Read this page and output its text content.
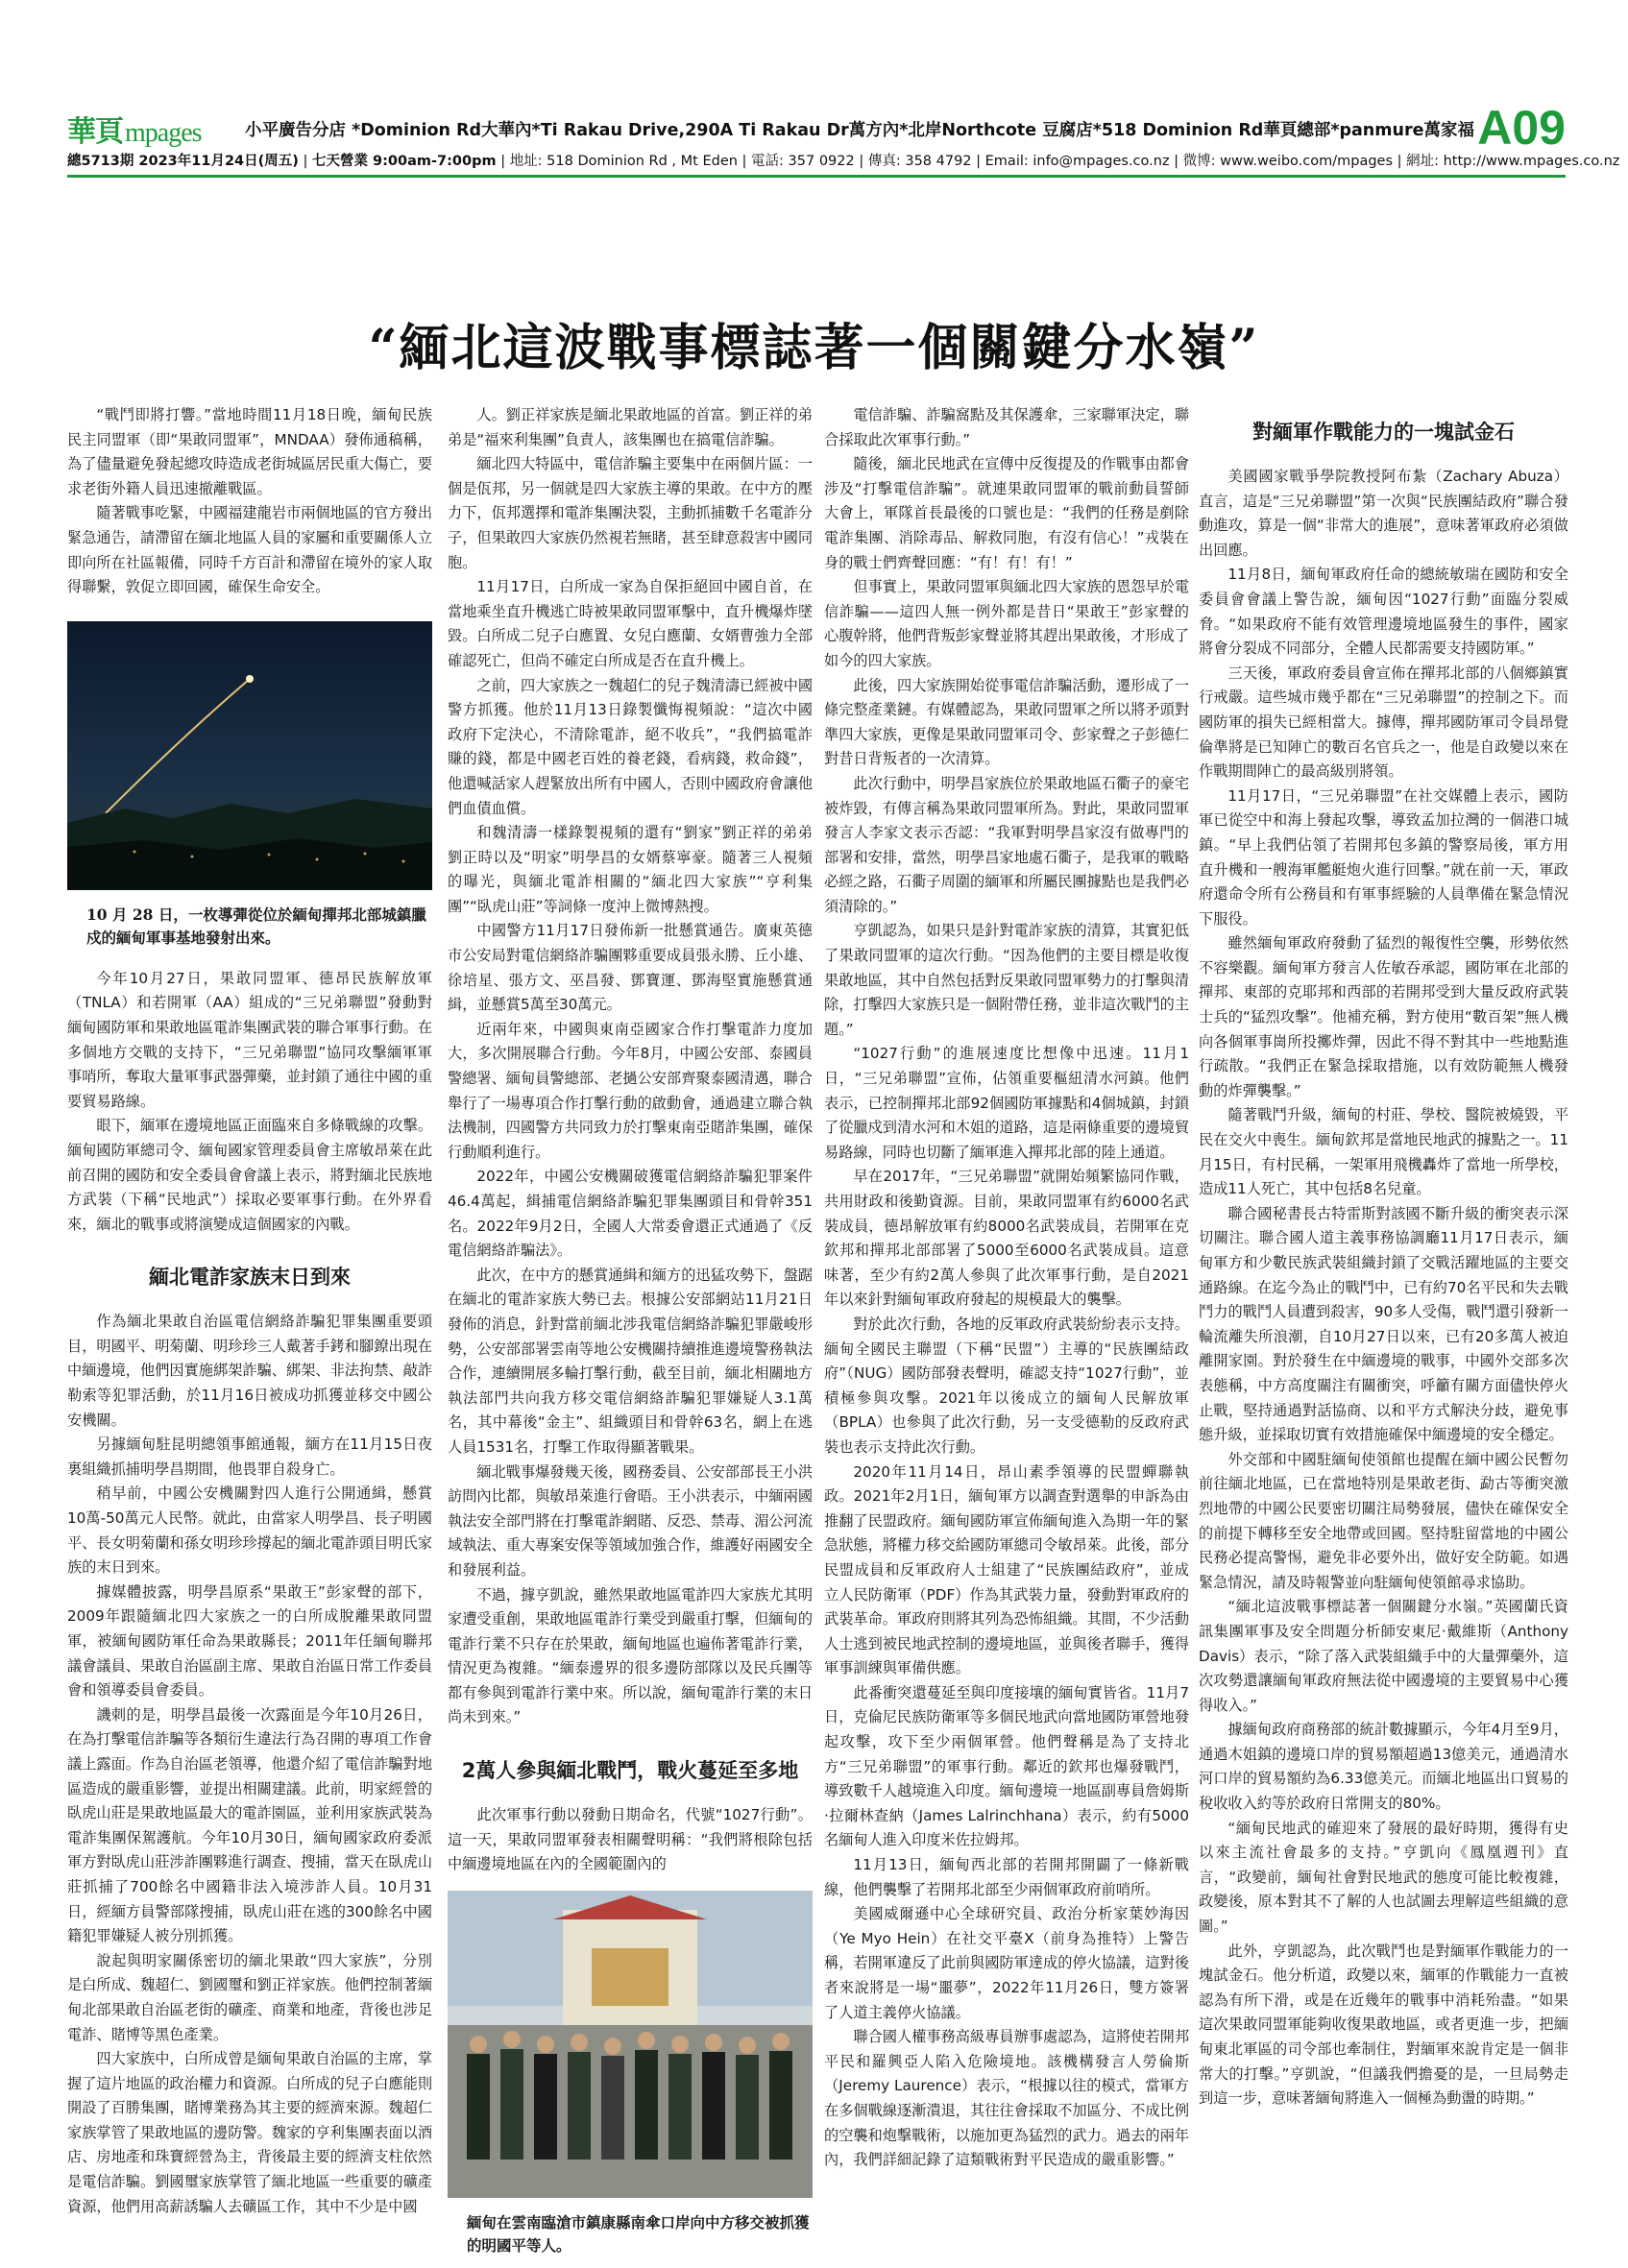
華頁mpages	小平廣告分店 *Dominion Rd大華內*Ti Rakau Drive,290A Ti Rakau Dr萬方內*北岸Northcote 豆腐店*518 Dominion Rd華頁總部*panmure萬家福 A09
總5713期 2023年11月24日(周五) | 七天營業 9:00am-7:00pm | 地址: 518 Dominion Rd , Mt Eden | 電話: 357 0922 | 傳真: 358 4792 | Email: info@mpages.co.nz | 微博: www.weibo.com/mpages | 網址: http://www.mpages.co.nz
“緬北這波戰事標誌著一個關鍵分水嶺”

“戰鬥即將打響。”當地時間11月18日晚，緬甸民族民主同盟軍（即“果敢同盟軍”，MNDAA）發佈通稿稱，為了儘量避免發起總攻時造成老街城區居民重大傷亡，要求老街外籍人員迅速撤離戰區。

隨著戰事吃緊，中國福建龍岩市兩個地區的官方發出緊急通告，請滯留在緬北地區人員的家屬和重要關係人立即向所在社區報備，同時千方百計和滯留在境外的家人取得聯繫，敦促立即回國，確保生命安全。

10 月 28 日，一枚導彈從位於緬甸撣邦北部城鎮臘戍的緬甸軍事基地發射出來。

今年10月27日，果敢同盟軍、德昂民族解放軍（TNLA）和若開軍（AA）組成的“三兄弟聯盟”發動對緬甸國防軍和果敢地區電詐集團武裝的聯合軍事行動。在多個地方交戰的支持下，“三兄弟聯盟”協同攻擊緬軍軍事哨所，奪取大量軍事武器彈藥，並封鎖了通往中國的重要貿易路線。

眼下，緬軍在邊境地區正面臨來自多條戰線的攻擊。緬甸國防軍總司令、緬甸國家管理委員會主席敏昂萊在此前召開的國防和安全委員會會議上表示，將對緬北民族地方武裝（下稱“民地武”）採取必要軍事行動。在外界看來，緬北的戰事或將演變成這個國家的內戰。

緬北電詐家族末日到來

作為緬北果敢自治區電信網絡詐騙犯罪集團重要頭目，明國平、明菊蘭、明珍珍三人戴著手銬和腳鐐出現在中緬邊境，他們因實施綁架詐騙、綁架、非法拘禁、敲詐勒索等犯罪活動，於11月16日被成功抓獲並移交中國公安機關。

另據緬甸駐昆明總領事館通報，緬方在11月15日夜裏組織抓捕明學昌期間，他畏罪自殺身亡。

稍早前，中國公安機關對四人進行公開通緝，懸賞10萬-50萬元人民幣。就此，由當家人明學昌、長子明國平、長女明菊蘭和孫女明珍珍撐起的緬北電詐頭目明氏家族的末日到來。

據媒體披露，明學昌原系“果敢王”彭家聲的部下，2009年跟隨緬北四大家族之一的白所成脫離果敢同盟軍，被緬甸國防軍任命為果敢縣長；2011年任緬甸聯邦議會議員、果敢自治區副主席、果敢自治區日常工作委員會和領導委員會委員。

譏刺的是，明學昌最後一次露面是今年10月26日，在為打擊電信詐騙等各類衍生違法行為召開的專項工作會議上露面。作為自治區老領導，他還介紹了電信詐騙對地區造成的嚴重影響，並提出相關建議。此前，明家經營的臥虎山莊是果敢地區最大的電詐園區，並利用家族武裝為電詐集團保駕護航。今年10月30日，緬甸國家政府委派軍方對臥虎山莊涉詐團夥進行調查、搜捕，當天在臥虎山莊抓捕了700餘名中國籍非法入境涉詐人員。10月31日，經緬方員警部隊搜捕，臥虎山莊在逃的300餘名中國籍犯罪嫌疑人被分別抓獲。

說起與明家關係密切的緬北果敢“四大家族”，分別是白所成、魏超仁、劉國璽和劉正祥家族。他們控制著緬甸北部果敢自治區老街的礦產、商業和地產，背後也涉足電詐、賭博等黑色產業。

四大家族中，白所成曾是緬甸果敢自治區的主席，掌握了這片地區的政治權力和資源。白所成的兒子白應能則開設了百勝集團，賭博業務為其主要的經濟來源。魏超仁家族掌管了果敢地區的邊防警。魏家的亨利集團表面以酒店、房地產和珠寶經營為主，背後最主要的經濟支柱依然是電信詐騙。劉國璽家族掌管了緬北地區一些重要的礦產資源，他們用高薪誘騙人去礦區工作，其中不少是中國

人。劉正祥家族是緬北果敢地區的首富。劉正祥的弟弟是“福來利集團”負責人，該集團也在搞電信詐騙。

緬北四大特區中，電信詐騙主要集中在兩個片區：一個是佤邦，另一個就是四大家族主導的果敢。在中方的壓力下，佤邦選擇和電詐集團決裂，主動抓捕數千名電詐分子，但果敢四大家族仍然視若無睹，甚至肆意殺害中國同胞。

11月17日，白所成一家為自保拒絕回中國自首，在當地乘坐直升機逃亡時被果敢同盟軍擊中，直升機爆炸墜毀。白所成二兒子白應置、女兒白應蘭、女婿曹強力全部確認死亡，但尚不確定白所成是否在直升機上。

之前，四大家族之一魏超仁的兒子魏清濤已經被中國警方抓獲。他於11月13日錄製懺悔視頻說：“這次中國政府下定決心，不清除電詐，絕不收兵”，“我們搞電詐賺的錢，都是中國老百姓的養老錢，看病錢，救命錢”，他還喊話家人趕緊放出所有中國人，否則中國政府會讓他們血債血償。

和魏清濤一樣錄製視頻的還有“劉家”劉正祥的弟弟劉正時以及“明家”明學昌的女婿蔡寧豪。隨著三人視頻的曝光，與緬北電詐相關的“緬北四大家族”“亨利集團”“臥虎山莊”等詞條一度沖上微博熱搜。

中國警方11月17日發佈新一批懸賞通告。廣東英德市公安局對電信網絡詐騙團夥重要成員張永勝、丘小雄、徐培星、張方文、巫昌發、鄧寶運、鄧海堅實施懸賞通緝，並懸賞5萬至30萬元。

近兩年來，中國與東南亞國家合作打擊電詐力度加大，多次開展聯合行動。今年8月，中國公安部、泰國員警總署、緬甸員警總部、老撾公安部齊聚泰國清邁，聯合舉行了一場專項合作打擊行動的啟動會，通過建立聯合執法機制，四國警方共同致力於打擊東南亞賭詐集團，確保行動順利進行。

2022年，中國公安機關破獲電信網絡詐騙犯罪案件46.4萬起，緝捕電信網絡詐騙犯罪集團頭目和骨幹351名。2022年9月2日，全國人大常委會還正式通過了《反電信網絡詐騙法》。

此次，在中方的懸賞通緝和緬方的迅猛攻勢下，盤踞在緬北的電詐家族大勢已去。根據公安部網站11月21日發佈的消息，針對當前緬北涉我電信網絡詐騙犯罪嚴峻形勢，公安部部署雲南等地公安機關持續推進邊境警務執法合作，連續開展多輪打擊行動，截至目前，緬北相關地方執法部門共向我方移交電信網絡詐騙犯罪嫌疑人3.1萬名，其中幕後“金主”、組織頭目和骨幹63名，網上在逃人員1531名，打擊工作取得顯著戰果。

緬北戰事爆發幾天後，國務委員、公安部部長王小洪訪問內比都，與敏昂萊進行會晤。王小洪表示，中緬兩國執法安全部門將在打擊電詐網賭、反恐、禁毒、湄公河流域執法、重大專案安保等領域加強合作，維護好兩國安全和發展利益。

不過，據亨凱說，雖然果敢地區電詐四大家族尤其明家遭受重創，果敢地區電詐行業受到嚴重打擊，但緬甸的電詐行業不只存在於果敢，緬甸地區也遍佈著電詐行業，情況更為複雜。“緬泰邊界的很多邊防部隊以及民兵團等都有參與到電詐行業中來。所以說，緬甸電詐行業的末日尚未到來。”

2萬人參與緬北戰鬥，戰火蔓延至多地

此次軍事行動以發動日期命名，代號“1027行動”。這一天，果敢同盟軍發表相關聲明稱：“我們將根除包括中緬邊境地區在內的全國範圍內的

緬甸在雲南臨滄市鎮康縣南傘口岸向中方移交被抓獲的明國平等人。

電信詐騙、詐騙窩點及其保護傘，三家聯軍決定，聯合採取此次軍事行動。”

隨後，緬北民地武在宣傳中反復提及的作戰事由都會涉及“打擊電信詐騙”。就連果敢同盟軍的戰前動員誓師大會上，軍隊首長最後的口號也是：“我們的任務是剷除電詐集團、消除毒品、解救同胞，有沒有信心！”戎裝在身的戰士們齊聲回應：“有！有！有！”

但事實上，果敢同盟軍與緬北四大家族的恩怨早於電信詐騙——這四人無一例外都是昔日“果敢王”彭家聲的心腹幹將，他們背叛彭家聲並將其趕出果敢後，才形成了如今的四大家族。

此後，四大家族開始從事電信詐騙活動，遷形成了一條完整產業鏈。有媒體認為，果敢同盟軍之所以將矛頭對準四大家族，更像是果敢同盟軍司令、彭家聲之子彭德仁對昔日背叛者的一次清算。

此次行動中，明學昌家族位於果敢地區石衢子的豪宅被炸毀，有傳言稱為果敢同盟軍所為。對此，果敢同盟軍發言人李家文表示否認：“我軍對明學昌家沒有做專門的部署和安排，當然，明學昌家地處石衢子，是我軍的戰略必經之路，石衢子周圍的緬軍和所屬民團據點也是我們必須清除的。”

亨凱認為，如果只是針對電詐家族的清算，其實犯低了果敢同盟軍的這次行動。“因為他們的主要目標是收復果敢地區，其中自然包括對反果敢同盟軍勢力的打擊與清除，打擊四大家族只是一個附帶任務，並非這次戰鬥的主題。”

“1027行動”的進展速度比想像中迅速。11月1日，“三兄弟聯盟”宣佈，佔領重要樞紐清水河鎮。他們表示，已控制撣邦北部92個國防軍據點和4個城鎮，封鎖了從臘戍到清水河和木姐的道路，這是兩條重要的邊境貿易路線，同時也切斷了緬軍進入撣邦北部的陸上通道。

早在2017年，“三兄弟聯盟”就開始頻繁協同作戰，共用財政和後勤資源。目前，果敢同盟軍有約6000名武裝成員，德昂解放軍有約8000名武裝成員，若開軍在克欽邦和撣邦北部部署了5000至6000名武裝成員。這意味著，至少有約2萬人參與了此次軍事行動，是自2021年以來針對緬甸軍政府發起的規模最大的襲擊。

對於此次行動，各地的反軍政府武裝紛紛表示支持。緬甸全國民主聯盟（下稱“民盟”）主導的“民族團結政府”（NUG）國防部發表聲明，確認支持“1027行動”，並積極參與攻擊。2021年以後成立的緬甸人民解放軍（BPLA）也參與了此次行動，另一支受德勒的反政府武裝也表示支持此次行動。

2020年11月14日，昂山素季領導的民盟蟬聯執政。2021年2月1日，緬甸軍方以調查對選舉的申訴為由推翻了民盟政府。緬甸國防軍宣佈緬甸進入為期一年的緊急狀態，將權力移交給國防軍總司令敏昂萊。此後，部分民盟成員和反軍政府人士組建了“民族團結政府”，並成立人民防衛軍（PDF）作為其武裝力量，發動對軍政府的武裝革命。軍政府則將其列為恐怖組織。其間，不少活動人士逃到被民地武控制的邊境地區，並與後者聯手，獲得軍事訓練與軍備供應。

此番衝突還蔓延至與印度接壤的緬甸實皆省。11月7日，克倫尼民族防衛軍等多個民地武向當地國防軍營地發起攻擊，攻下至少兩個軍營。他們聲稱是為了支持北方“三兄弟聯盟”的軍事行動。鄰近的欽邦也爆發戰鬥，導致數千人越境進入印度。緬甸邊境一地區副專員詹姆斯·拉爾林查納（James Lalrinchhana）表示，約有5000名緬甸人進入印度米佐拉姆邦。

11月13日，緬甸西北部的若開邦開闢了一條新戰線，他們襲擊了若開邦北部至少兩個軍政府前哨所。

美國威爾遜中心全球研究員、政治分析家葉妙海因（Ye Myo Hein）在社交平臺X（前身為推特）上警告稱，若開軍違反了此前與國防軍達成的停火協議，這對後者來說將是一場“噩夢”，2022年11月26日，雙方簽署了人道主義停火協議。

聯合國人權事務高級專員辦事處認為，這將使若開邦平民和羅興亞人陷入危險境地。該機構發言人勞倫斯（Jeremy Laurence）表示，“根據以往的模式，當軍方在多個戰線逐漸潰退，其往往會採取不加區分、不成比例的空襲和炮擊戰術，以施加更為猛烈的武力。過去的兩年內，我們詳細記錄了這類戰術對平民造成的嚴重影響。”

對緬軍作戰能力的一塊試金石

美國國家戰爭學院教授阿布紮（Zachary Abuza）直言，這是“三兄弟聯盟”第一次與“民族團結政府”聯合發動進攻，算是一個“非常大的進展”，意味著軍政府必須做出回應。

11月8日，緬甸軍政府任命的總統敏瑞在國防和安全委員會會議上警告說，緬甸因“1027行動”面臨分裂威脅。“如果政府不能有效管理邊境地區發生的事件，國家將會分裂成不同部分，全體人民都需要支持國防軍。”

三天後，軍政府委員會宣佈在撣邦北部的八個鄉鎮實行戒嚴。這些城市幾乎都在“三兄弟聯盟”的控制之下。而國防軍的損失已經相當大。據傳，撣邦國防軍司令員昂覺倫準將是已知陣亡的數百名官兵之一，他是自政變以來在作戰期間陣亡的最高級別將領。

11月17日，“三兄弟聯盟”在社交媒體上表示，國防軍已從空中和海上發起攻擊，導致孟加拉灣的一個港口城鎮。“早上我們佔領了若開邦包多鎮的警察局後，軍方用直升機和一艘海軍艦艇炮火進行回擊。”就在前一天，軍政府還命令所有公務員和有軍事經驗的人員準備在緊急情況下服役。

雖然緬甸軍政府發動了猛烈的報復性空襲，形勢依然不容樂觀。緬甸軍方發言人佐敏吞承認，國防軍在北部的撣邦、東部的克耶邦和西部的若開邦受到大量反政府武裝士兵的“猛烈攻擊”。他補充稱，對方使用“數百架”無人機向各個軍事崗所投擲炸彈，因此不得不對其中一些地點進行疏散。“我們正在緊急採取措施，以有效防範無人機發動的炸彈襲擊。”

隨著戰鬥升級，緬甸的村莊、學校、醫院被燒毀，平民在交火中喪生。緬甸欽邦是當地民地武的據點之一。11月15日，有村民稱，一架軍用飛機轟炸了當地一所學校，造成11人死亡，其中包括8名兒童。

聯合國秘書長古特雷斯對該國不斷升級的衝突表示深切關注。聯合國人道主義事務協調廳11月17日表示，緬甸軍方和少數民族武裝組織封鎖了交戰活躍地區的主要交通路線。在迄今為止的戰鬥中，已有約70名平民和失去戰鬥力的戰鬥人員遭到殺害，90多人受傷，戰鬥還引發新一輪流離失所浪潮，自10月27日以來，已有20多萬人被迫離開家園。對於發生在中緬邊境的戰事，中國外交部多次表態稱，中方高度關注有關衝突，呼籲有關方面儘快停火止戰，堅持通過對話協商、以和平方式解決分歧，避免事態升級，並採取切實有效措施確保中緬邊境的安全穩定。

外交部和中國駐緬甸使領館也提醒在緬中國公民暫勿前往緬北地區，已在當地特別是果敢老街、勐古等衝突激烈地帶的中國公民要密切關注局勢發展，儘快在確保安全的前提下轉移至安全地帶或回國。堅持駐留當地的中國公民務必提高警惕，避免非必要外出，做好安全防範。如遇緊急情況，請及時報警並向駐緬甸使領館尋求協助。

“緬北這波戰事標誌著一個關鍵分水嶺。”英國蘭氏資訊集團軍事及安全問題分析師安東尼·戴維斯（Anthony Davis）表示，“除了落入武裝組織手中的大量彈藥外，這次攻勢還讓緬甸軍政府無法從中國邊境的主要貿易中心獲得收入。”

據緬甸政府商務部的統計數據顯示，今年4月至9月，通過木姐鎮的邊境口岸的貿易額超過13億美元，通過清水河口岸的貿易額約為6.33億美元。而緬北地區出口貿易的稅收收入約等於政府日常開支的80%。

“緬甸民地武的確迎來了發展的最好時期，獲得有史以來主流社會最多的支持。”亨凱向《鳳凰週刊》直言，“政變前，緬甸社會對民地武的態度可能比較複雜，政變後，原本對其不了解的人也試圖去理解這些組織的意圖。”

此外，亨凱認為，此次戰鬥也是對緬軍作戰能力的一塊試金石。他分析道，政變以來，緬軍的作戰能力一直被認為有所下滑，或是在近幾年的戰事中消耗殆盡。“如果這次果敢同盟軍能夠收復果敢地區，或者更進一步，把緬甸東北軍區的司令部也牽制住，對緬軍來說肯定是一個非常大的打擊。”亨凱說，“但議我們擔憂的是，一旦局勢走到這一步，意味著緬甸將進入一個極為動盪的時期。”
